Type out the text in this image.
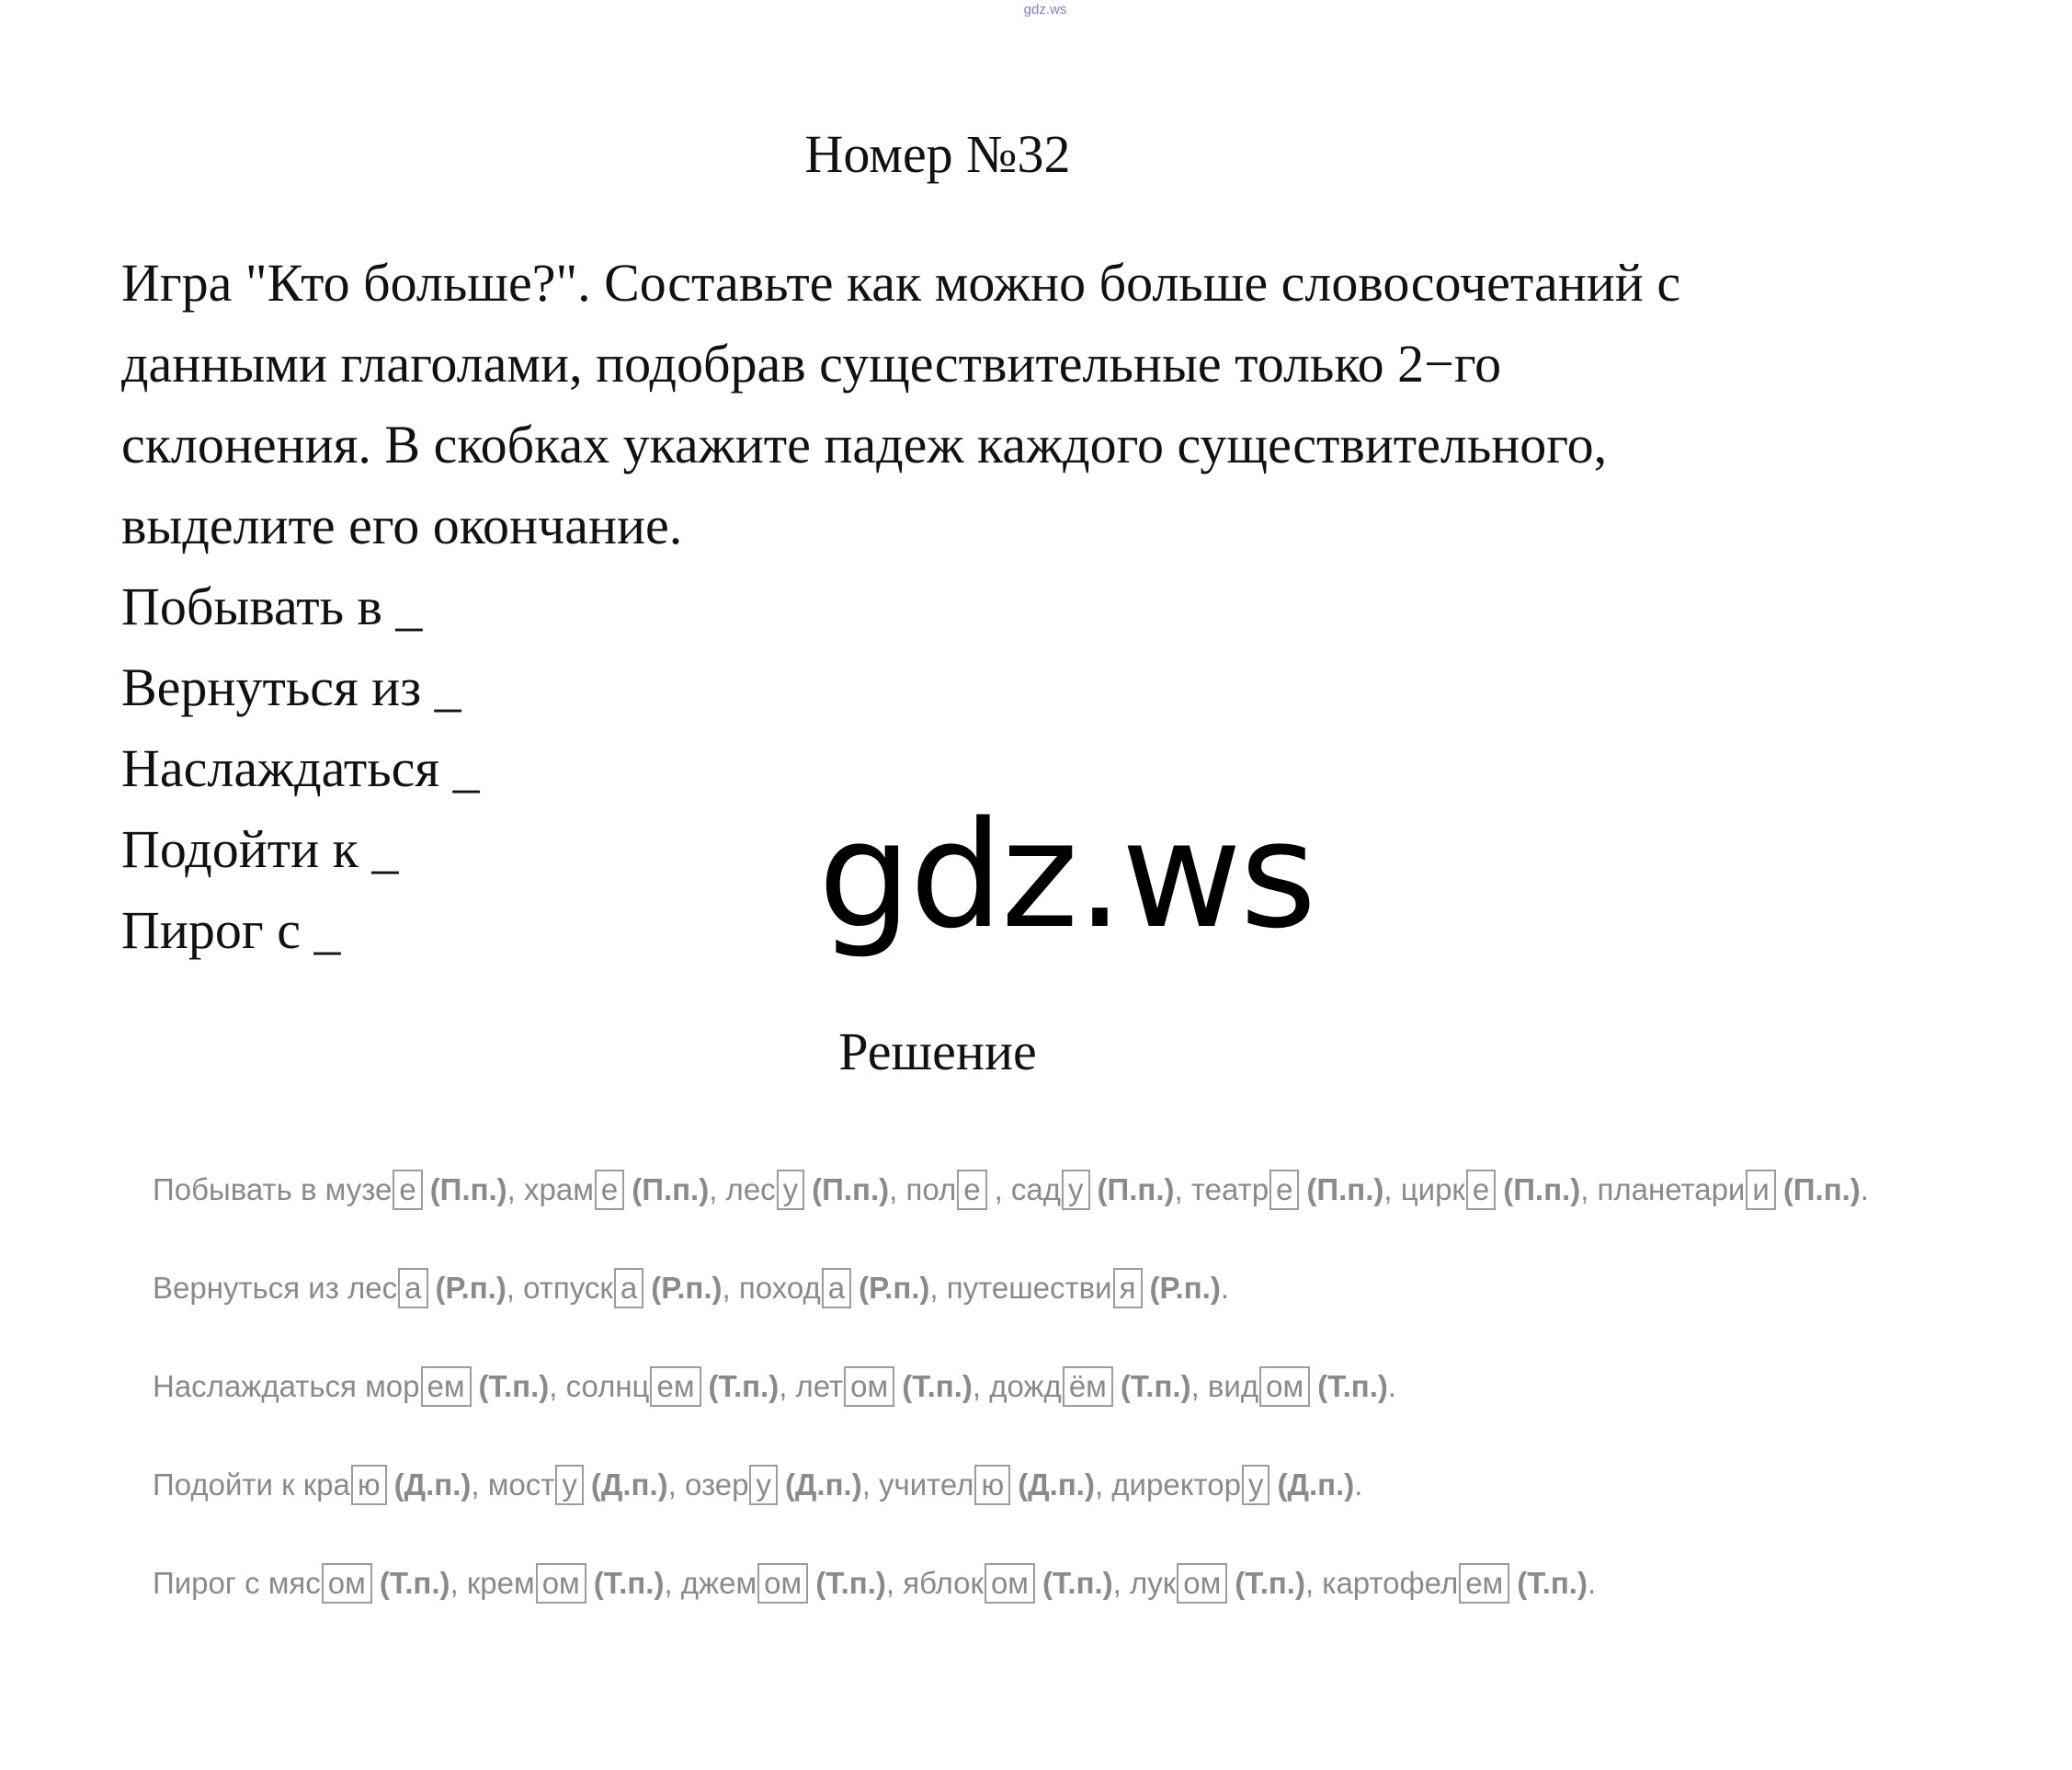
gdz.ws
Номер №32

Игра "Кто больше?". Составьте как можно больше словосочетаний с

данными глаголами, подобрав существительные только 2−го

склонения. В скобках укажите падеж каждого существительного,

выделите его окончание.

Побывать в _

Вернуться из _

Наслаждаться _

Подойти к _

Пирог с _	gdz.ws
Решение
Побывать в музе е (П.п.), храм е (П.п.), лес у (П.п.), пол е , сад у (П.п.), театр е (П.п.), цирк е (П.п.), планетари и (П.п.).
Вернуться из лес а (Р.п.), отпуск а (Р.п.), поход а (Р.п.), путешестви я (Р.п.).
Наслаждаться мор ем (Т.п.), солнц ем (Т.п.), лет ом (Т.п.), дожд ём (Т.п.), вид ом (Т.п.).
Подойти к кра ю (Д.п.), мост у (Д.п.), озер у (Д.п.), учител ю (Д.п.), директор у (Д.п.).
Пирог с мяс ом (Т.п.), крем ом (Т.п.), джем ом (Т.п.), яблок ом (Т.п.), лук ом (Т.п.), картофел ем (Т.п.).
